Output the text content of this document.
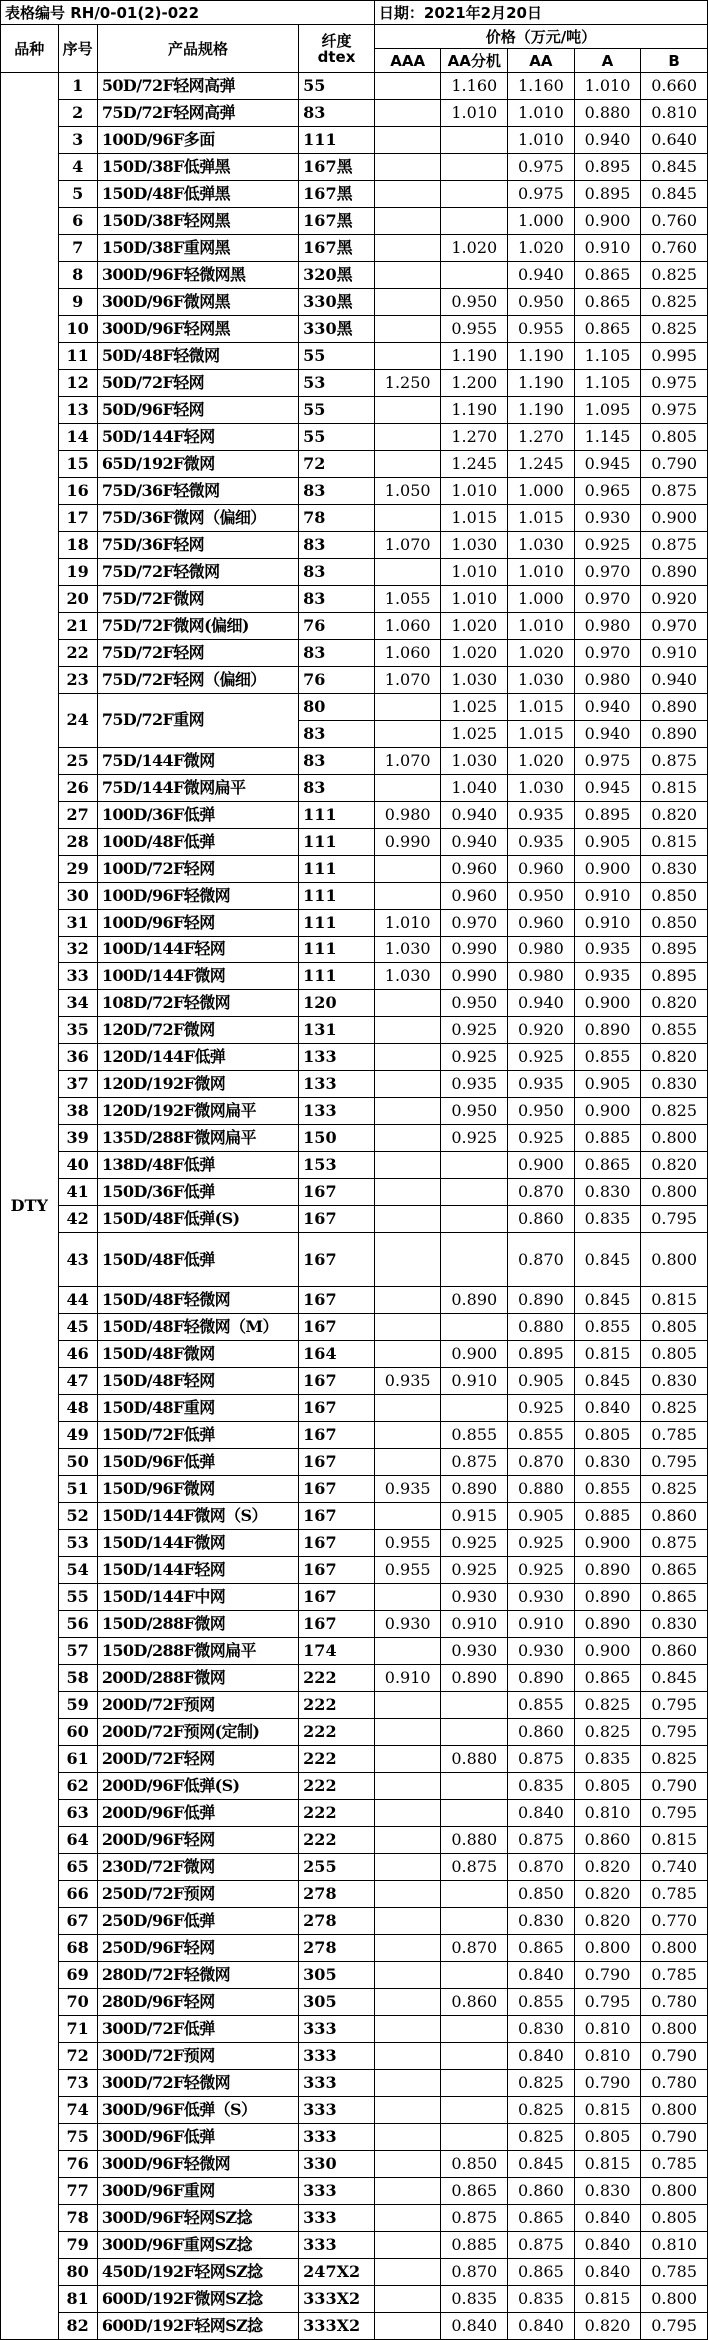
表格编号 RH/0-01(2)-022				日期：2021年2月20日				
品种	序号	产品规格	纤度
dtex	价格（万元/吨）				
				AAA	AA分机	AA	A	B
DTY	1	50D/72F轻网高弹	55		1.160	1.160	1.010	0.660
	2	75D/72F轻网高弹	83		1.010	1.010	0.880	0.810
	3	100D/96F多面	111			1.010	0.940	0.640
	4	150D/38F低弹黑	167黑			0.975	0.895	0.845
	5	150D/48F低弹黑	167黑			0.975	0.895	0.845
	6	150D/38F轻网黑	167黑			1.000	0.900	0.760
	7	150D/38F重网黑	167黑		1.020	1.020	0.910	0.760
	8	300D/96F轻微网黑	320黑			0.940	0.865	0.825
	9	300D/96F微网黑	330黑		0.950	0.950	0.865	0.825
	10	300D/96F轻网黑	330黑		0.955	0.955	0.865	0.825
	11	50D/48F轻微网	55		1.190	1.190	1.105	0.995
	12	50D/72F轻网	53	1.250	1.200	1.190	1.105	0.975
	13	50D/96F轻网	55		1.190	1.190	1.095	0.975
	14	50D/144F轻网	55		1.270	1.270	1.145	0.805
	15	65D/192F微网	72		1.245	1.245	0.945	0.790
	16	75D/36F轻微网	83	1.050	1.010	1.000	0.965	0.875
	17	75D/36F微网（偏细）	78		1.015	1.015	0.930	0.900
	18	75D/36F轻网	83	1.070	1.030	1.030	0.925	0.875
	19	75D/72F轻微网	83		1.010	1.010	0.970	0.890
	20	75D/72F微网	83	1.055	1.010	1.000	0.970	0.920
	21	75D/72F微网(偏细)	76	1.060	1.020	1.010	0.980	0.970
	22	75D/72F轻网	83	1.060	1.020	1.020	0.970	0.910
	23	75D/72F轻网（偏细）	76	1.070	1.030	1.030	0.980	0.940
	24	75D/72F重网	80		1.025	1.015	0.940	0.890
			83		1.025	1.015	0.940	0.890
	25	75D/144F微网	83	1.070	1.030	1.020	0.975	0.875
	26	75D/144F微网扁平	83		1.040	1.030	0.945	0.815
	27	100D/36F低弹	111	0.980	0.940	0.935	0.895	0.820
	28	100D/48F低弹	111	0.990	0.940	0.935	0.905	0.815
	29	100D/72F轻网	111		0.960	0.960	0.900	0.830
	30	100D/96F轻微网	111		0.960	0.950	0.910	0.850
	31	100D/96F轻网	111	1.010	0.970	0.960	0.910	0.850
	32	100D/144F轻网	111	1.030	0.990	0.980	0.935	0.895
	33	100D/144F微网	111	1.030	0.990	0.980	0.935	0.895
	34	108D/72F轻微网	120		0.950	0.940	0.900	0.820
	35	120D/72F微网	131		0.925	0.920	0.890	0.855
	36	120D/144F低弹	133		0.925	0.925	0.855	0.820
	37	120D/192F微网	133		0.935	0.935	0.905	0.830
	38	120D/192F微网扁平	133		0.950	0.950	0.900	0.825
	39	135D/288F微网扁平	150		0.925	0.925	0.885	0.800
	40	138D/48F低弹	153			0.900	0.865	0.820
	41	150D/36F低弹	167			0.870	0.830	0.800
	42	150D/48F低弹(S)	167			0.860	0.835	0.795
	43	150D/48F低弹	167			0.870	0.845	0.800
	44	150D/48F轻微网	167		0.890	0.890	0.845	0.815
	45	150D/48F轻微网（M）	167			0.880	0.855	0.805
	46	150D/48F微网	164		0.900	0.895	0.815	0.805
	47	150D/48F轻网	167	0.935	0.910	0.905	0.845	0.830
	48	150D/48F重网	167			0.925	0.840	0.825
	49	150D/72F低弹	167		0.855	0.855	0.805	0.785
	50	150D/96F低弹	167		0.875	0.870	0.830	0.795
	51	150D/96F微网	167	0.935	0.890	0.880	0.855	0.825
	52	150D/144F微网（S）	167		0.915	0.905	0.885	0.860
	53	150D/144F微网	167	0.955	0.925	0.925	0.900	0.875
	54	150D/144F轻网	167	0.955	0.925	0.925	0.890	0.865
	55	150D/144F中网	167		0.930	0.930	0.890	0.865
	56	150D/288F微网	167	0.930	0.910	0.910	0.890	0.830
	57	150D/288F微网扁平	174		0.930	0.930	0.900	0.860
	58	200D/288F微网	222	0.910	0.890	0.890	0.865	0.845
	59	200D/72F预网	222			0.855	0.825	0.795
	60	200D/72F预网(定制)	222			0.860	0.825	0.795
	61	200D/72F轻网	222		0.880	0.875	0.835	0.825
	62	200D/96F低弹(S)	222			0.835	0.805	0.790
	63	200D/96F低弹	222			0.840	0.810	0.795
	64	200D/96F轻网	222		0.880	0.875	0.860	0.815
	65	230D/72F微网	255		0.875	0.870	0.820	0.740
	66	250D/72F预网	278			0.850	0.820	0.785
	67	250D/96F低弹	278			0.830	0.820	0.770
	68	250D/96F轻网	278		0.870	0.865	0.800	0.800
	69	280D/72F轻微网	305			0.840	0.790	0.785
	70	280D/96F轻网	305		0.860	0.855	0.795	0.780
	71	300D/72F低弹	333			0.830	0.810	0.800
	72	300D/72F预网	333			0.840	0.810	0.790
	73	300D/72F轻微网	333			0.825	0.790	0.780
	74	300D/96F低弹（S）	333			0.825	0.815	0.800
	75	300D/96F低弹	333			0.825	0.805	0.790
	76	300D/96F轻微网	330		0.850	0.845	0.815	0.785
	77	300D/96F重网	333		0.865	0.860	0.830	0.800
	78	300D/96F轻网SZ捻	333		0.875	0.865	0.840	0.805
	79	300D/96F重网SZ捻	333		0.885	0.875	0.840	0.810
	80	450D/192F轻网SZ捻	247X2		0.870	0.865	0.840	0.785
	81	600D/192F微网SZ捻	333X2		0.835	0.835	0.815	0.800
	82	600D/192F轻网SZ捻	333X2		0.840	0.840	0.820	0.795
